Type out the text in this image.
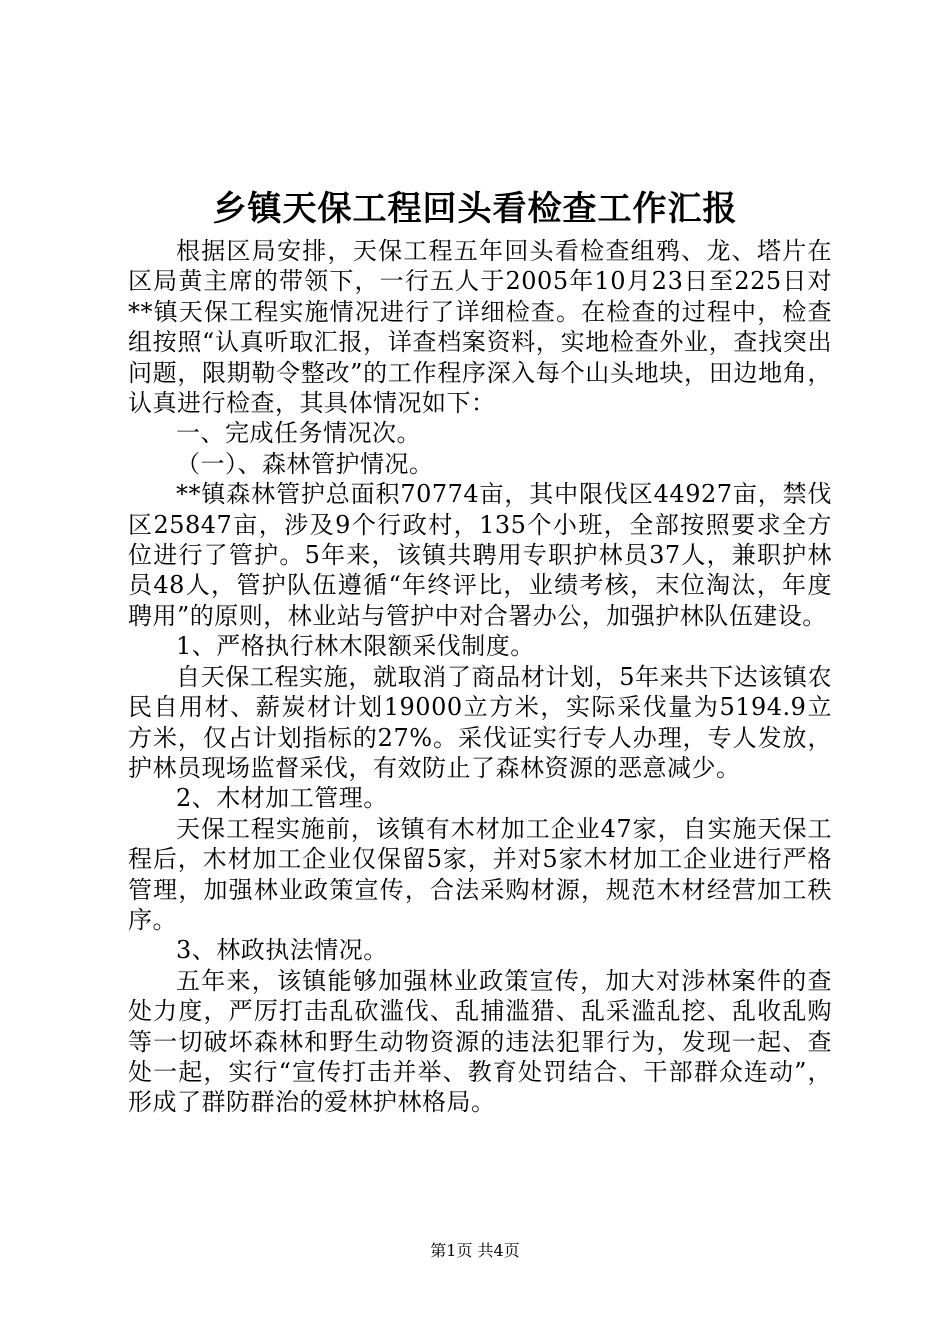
乡镇天保工程回头看检查工作汇报

根据区局安排，天保工程五年回头看检查组鸦、龙、塔片在区局黄主席的带领下，一行五人于2005年10月23日至225日对**镇天保工程实施情况进行了详细检查。在检查的过程中，检查组按照“认真听取汇报，详查档案资料，实地检查外业，查找突出问题，限期勒令整改”的工作程序深入每个山头地块，田边地角，认真进行检查，其具体情况如下：

一、完成任务情况次。

（一）、森林管护情况。

**镇森林管护总面积70774亩，其中限伐区44927亩，禁伐区25847亩，涉及9个行政村，135个小班，全部按照要求全方位进行了管护。5年来，该镇共聘用专职护林员37人，兼职护林员48人，管护队伍遵循“年终评比，业绩考核，末位淘汰，年度聘用”的原则，林业站与管护中对合署办公，加强护林队伍建设。

1、严格执行林木限额采伐制度。

自天保工程实施，就取消了商品材计划，5年来共下达该镇农民自用材、薪炭材计划19000立方米，实际采伐量为5194.9立方米，仅占计划指标的27%。采伐证实行专人办理，专人发放，护林员现场监督采伐，有效防止了森林资源的恶意减少。

2、木材加工管理。

天保工程实施前，该镇有木材加工企业47家，自实施天保工程后，木材加工企业仅保留5家，并对5家木材加工企业进行严格管理，加强林业政策宣传，合法采购材源，规范木材经营加工秩序。

3、林政执法情况。

五年来，该镇能够加强林业政策宣传，加大对涉林案件的查处力度，严厉打击乱砍滥伐、乱捕滥猎、乱采滥乱挖、乱收乱购等一切破坏森林和野生动物资源的违法犯罪行为，发现一起、查处一起，实行“宣传打击并举、教育处罚结合、干部群众连动”，形成了群防群治的爱林护林格局。

第1页 共4页
